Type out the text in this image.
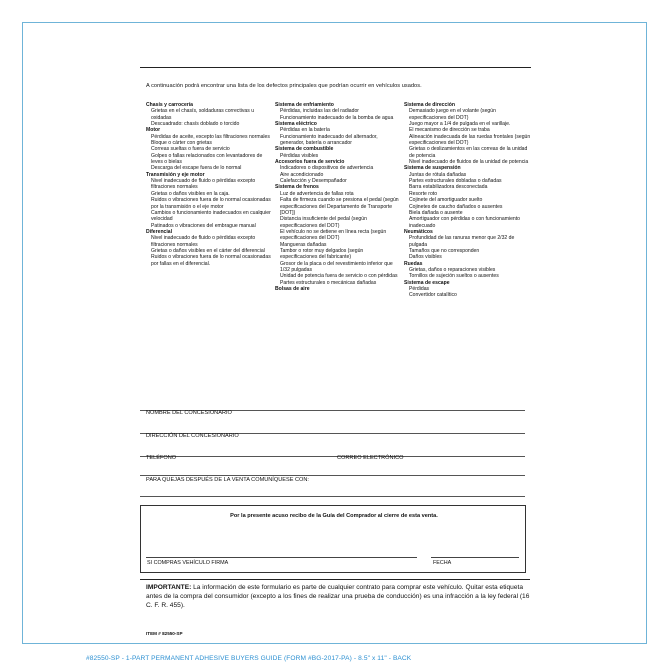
A continuación podrá encontrar una lista de los defectos principales que podrían ocurrir en vehículos usados.
Chasís y carrocería
Grietas en el chasís, soldaduras correctivas u oxidadas
Descuadrado: chasís doblado o torcido
Motor
Pérdidas de aceite, excepto las filtraciones normales
Bloque o cárter con grietas
Correas sueltas o fuera de servicio
Golpes o fallas relacionados con levantadores de leves o bielas
Descarga del escape fuera de lo normal
Transmisión y eje motor
Nivel inadecuado de fluido o pérdidas excepto filtraciones normales
Grietas o daños visibles en la caja.
Ruidos o vibraciones fuera de lo normal ocasionadas por la transmisión o el eje motor
Cambios o funcionamiento inadecuados en cualquier velocidad
Patinados o vibraciones del embrague manual
Diferencial
Nivel inadecuado de fluido o pérdidas excepto filtraciones normales
Grietas o daños visibles en el cárter del diferencial
Ruidos o vibraciones fuera de lo normal ocasionadas por fallas en el diferencial.
Sistema de enfriamiento
Pérdidas, incluidas las del radiador
Funcionamiento inadecuado de la bomba de agua
Sistema eléctrico
Pérdidas en la batería
Funcionamiento inadecuado del alternador, generador, batería o arrancador
Sistema de combustible
Pérdidas visibles
Accesorios fuera de servicio
Indicadores o dispositivos de advertencia
Aire acondicionado
Calefacción y Desempañador
Sistema de frenos
Luz de advertencia de fallas rota
Falta de firmeza cuando se presiona el pedal (según especificaciones del Departamento de Transporte [DOT])
Distancia insuficiente del pedal (según especificaciones del DOT)
El vehículo no se detiene en línea recta (según especificaciones del DOT)
Mangueras dañadas
Tambor o rotor muy delgados (según especificaciones del fabricante)
Grosor de la placa o del revestimiento inferior que 1/32 pulgadas
Unidad de potencia fuera de servicio o con pérdidas
Partes estructurales o mecánicas dañadas
Bolsas de aire
Sistema de dirección
Demasiado juego en el volante (según especificaciones del DOT)
Juego mayor a 1/4 de pulgada en el varillaje.
El mecanismo de dirección se traba
Alineación inadecuada de las ruedas frontales (según especificaciones del DOT)
Grietas o deslizamientos en las correas de la unidad de potencia
Nivel inadecuado de fluidos de la unidad de potencia
Sistema de suspensión
Juntas de rótula dañadas
Partes estructurales dobladas o dañadas
Barra estabilizadora desconectada
Resorte roto
Cojinete del amortiguador suelto
Cojinetes de caucho dañados o ausentes
Biela dañada o ausente
Amortiguador con pérdidas o con funcionamiento inadecuado
Neumáticos
Profundidad de las ranuras menor que 2/32 de pulgada
Tamaños que no corresponden
Daños visibles
Ruedas
Grietas, daños o reparaciones visibles
Tornillos de sujeción sueltos o ausentes
Sistema de escape
Pérdidas
Convertidor catalítico
NOMBRE DEL CONCESIONARIO
DIRECCIÓN DEL CONCESIONARIO
TELÉFONO	CORREO ELECTRÓNICO
PARA QUEJAS DESPUÉS DE LA VENTA COMUNÍQUESE CON:
Por la presente acuso recibo de la Guía del Comprador al cierre de esta venta.
SI COMPRAS VEHÍCULO FIRMA	FECHA
IMPORTANTE: La información de este formulario es parte de cualquier contrato para comprar este vehículo. Quitar esta etiqueta antes de la compra del consumidor (excepto a los fines de realizar una prueba de conducción) es una infracción a la ley federal (16 C. F. R. 455).
ITEM # 82550-SP
#82550-SP - 1-PART PERMANENT ADHESIVE BUYERS GUIDE (FORM #BG-2017-PA) - 8.5" x 11" - BACK
